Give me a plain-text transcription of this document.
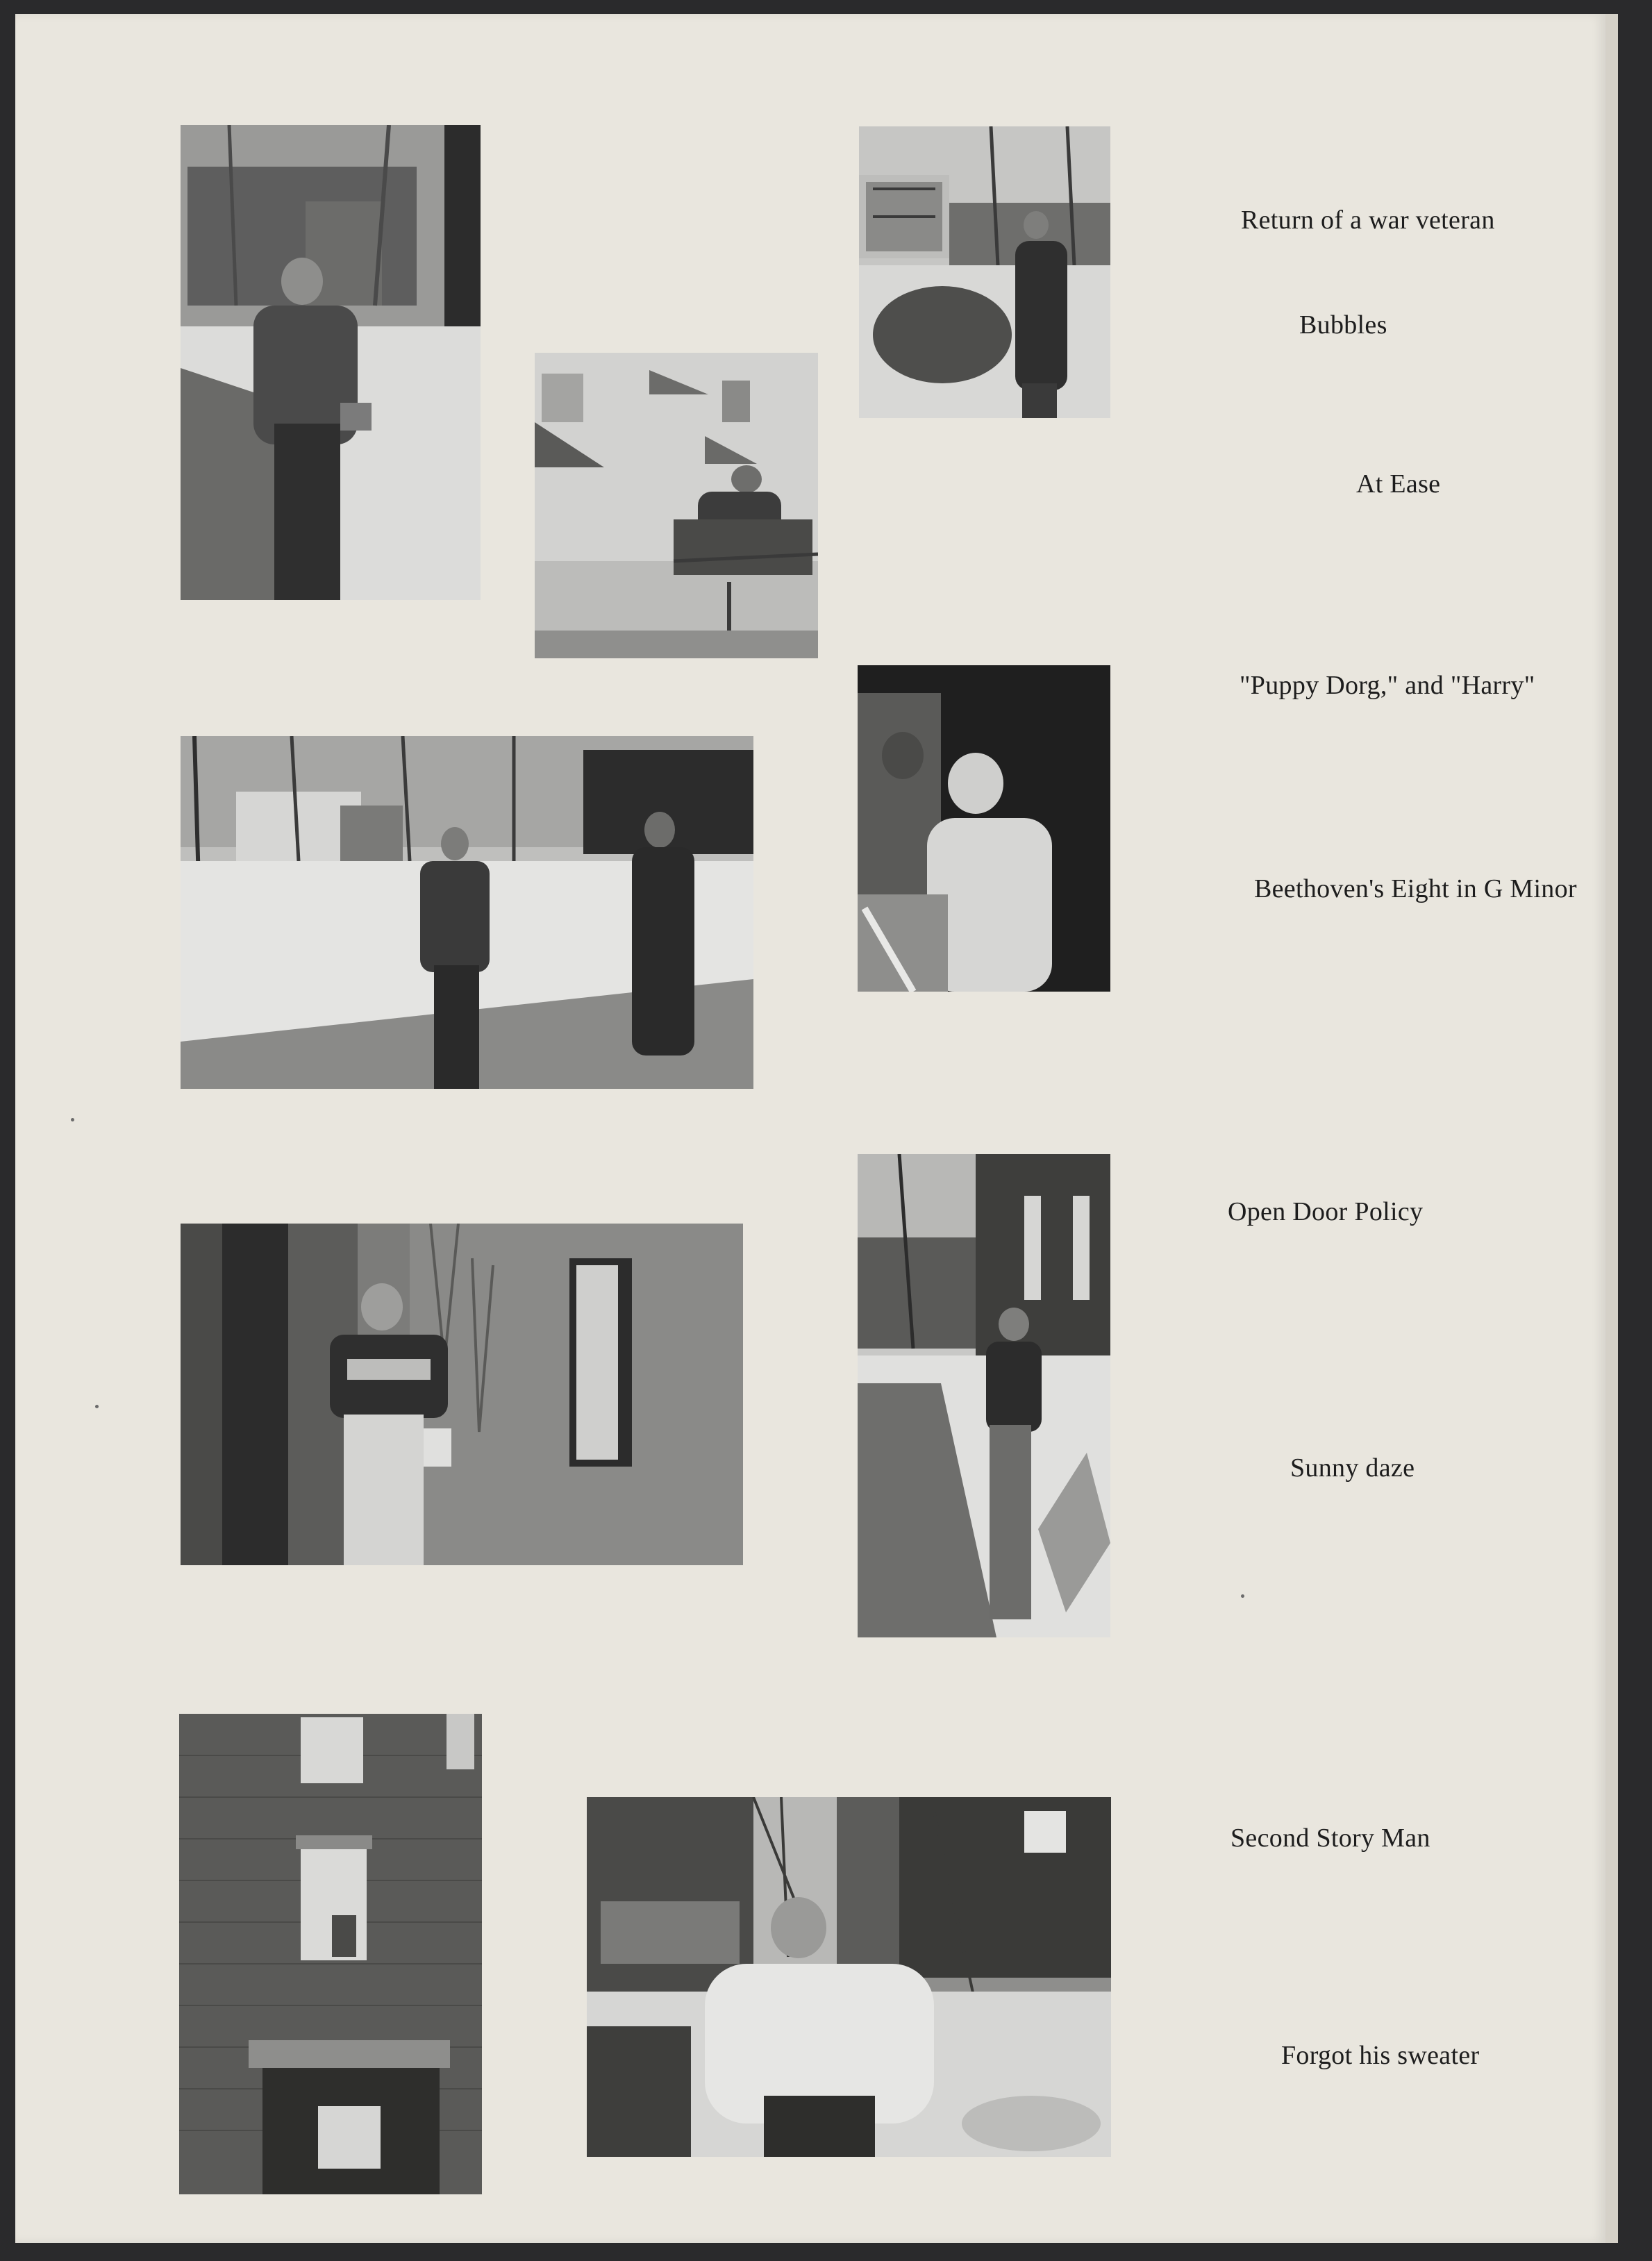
Return of a war veteran
Bubbles
At Ease
"Puppy Dorg," and "Harry"
Beethoven's Eight in G Minor
Open Door Policy
Sunny daze
Second Story Man
Forgot his sweater
